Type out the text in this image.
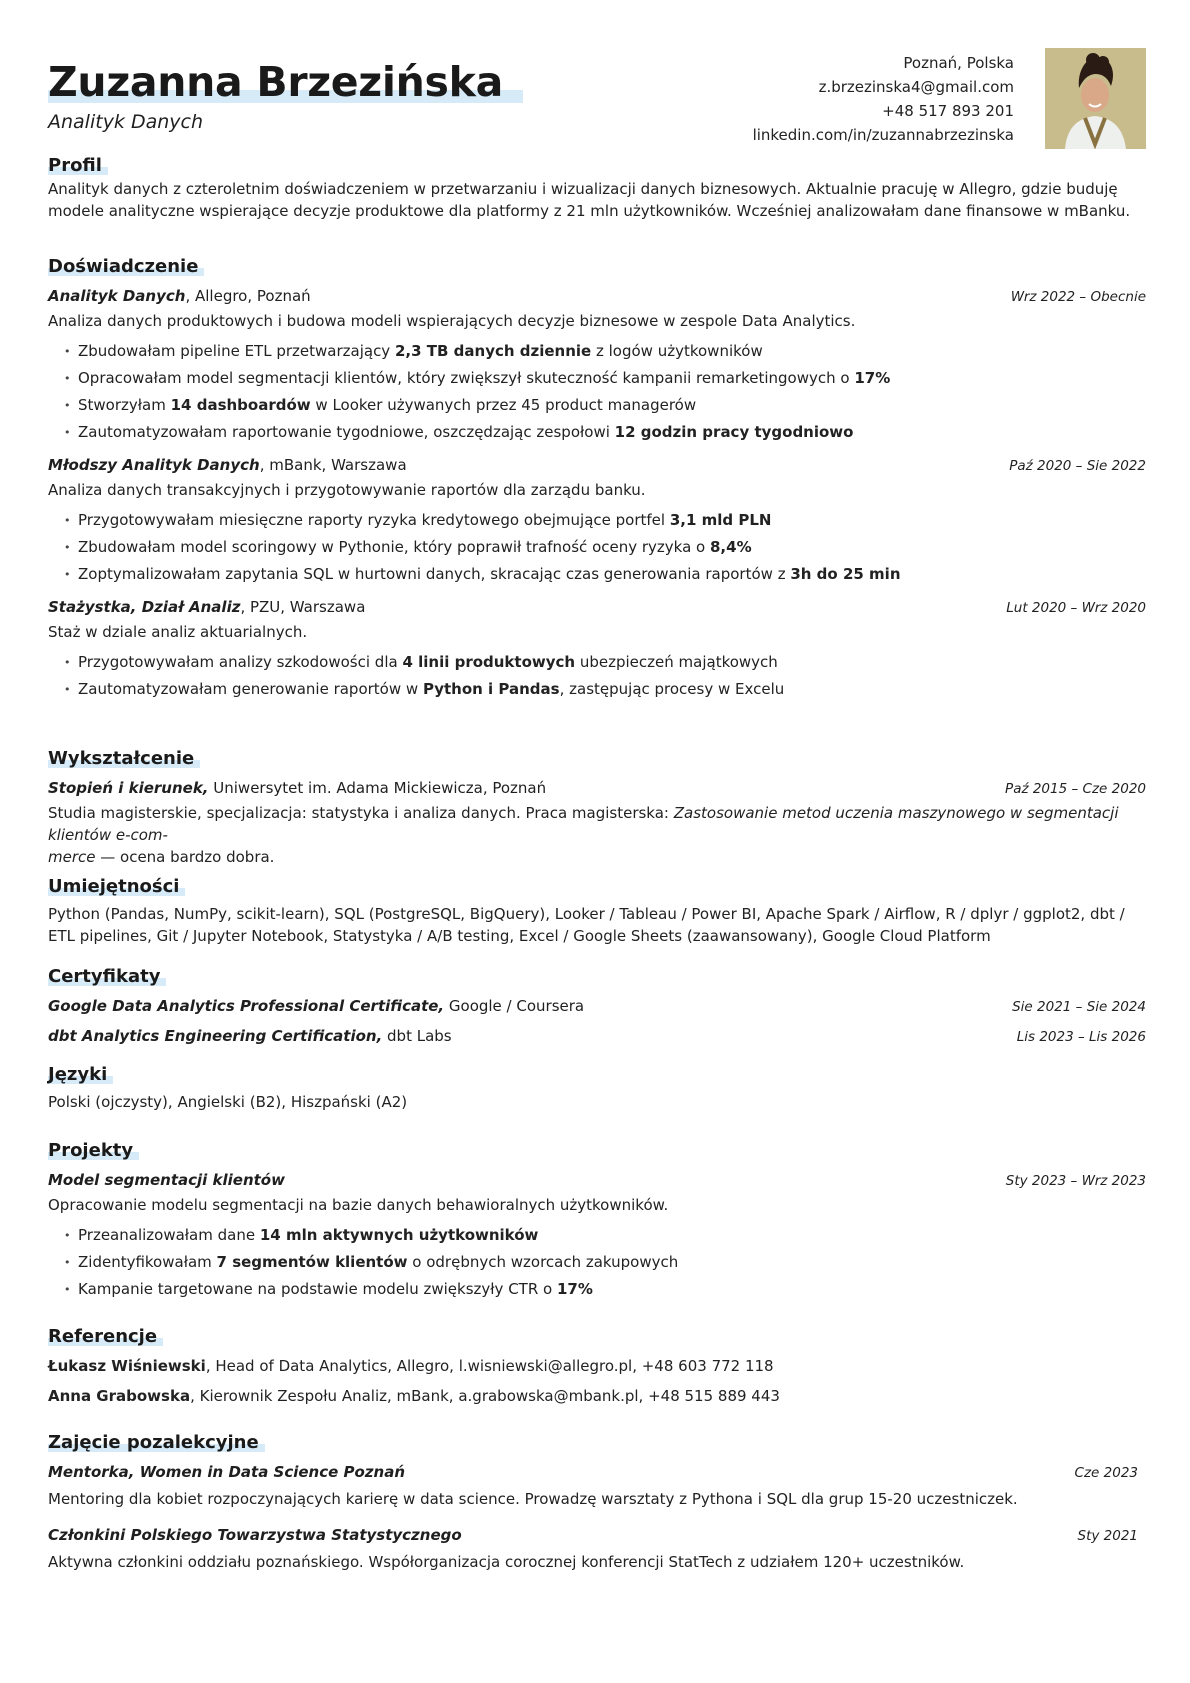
Zuzanna Brzezińska
Analityk Danych
Poznań, Polska
z.brzezinska4@gmail.com
+48 517 893 201
linkedin.com/in/zuzannabrzezinska
Profil
Analityk danych z czteroletnim doświadczeniem w przetwarzaniu i wizualizacji danych biznesowych. Aktualnie pracuję w Allegro, gdzie buduję modele analityczne wspierające decyzje produktowe dla platformy z 21 mln użytkowników. Wcześniej analizowałam dane finansowe w mBanku.
Doświadczenie
Analityk Danych, Allegro, Poznań	Wrz 2022 – Obecnie
Analiza danych produktowych i budowa modeli wspierających decyzje biznesowe w zespole Data Analytics.
• Zbudowałam pipeline ETL przetwarzający 2,3 TB danych dziennie z logów użytkowników
• Opracowałam model segmentacji klientów, który zwiększył skuteczność kampanii remarketingowych o 17%
• Stworzyłam 14 dashboardów w Looker używanych przez 45 product managerów
• Zautomatyzowałam raportowanie tygodniowe, oszczędzając zespołowi 12 godzin pracy tygodniowo
Młodszy Analityk Danych, mBank, Warszawa	Paź 2020 – Sie 2022
Analiza danych transakcyjnych i przygotowywanie raportów dla zarządu banku.
• Przygotowywałam miesięczne raporty ryzyka kredytowego obejmujące portfel 3,1 mld PLN
• Zbudowałam model scoringowy w Pythonie, który poprawił trafność oceny ryzyka o 8,4%
• Zoptymalizowałam zapytania SQL w hurtowni danych, skracając czas generowania raportów z 3h do 25 min
Stażystka, Dział Analiz, PZU, Warszawa	Lut 2020 – Wrz 2020
Staż w dziale analiz aktuarialnych.
• Przygotowywałam analizy szkodowości dla 4 linii produktowych ubezpieczeń majątkowych
• Zautomatyzowałam generowanie raportów w Python i Pandas, zastępując procesy w Excelu
Wykształcenie
Stopień i kierunek, Uniwersytet im. Adama Mickiewicza, Poznań	Paź 2015 – Cze 2020
Studia magisterskie, specjalizacja: statystyka i analiza danych. Praca magisterska: Zastosowanie metod uczenia maszynowego w segmentacji klientów e-com-
merce — ocena bardzo dobra.
Umiejętności
Python (Pandas, NumPy, scikit-learn), SQL (PostgreSQL, BigQuery), Looker / Tableau / Power BI, Apache Spark / Airflow, R / dplyr / ggplot2, dbt / ETL pipelines, Git / Jupyter Notebook, Statystyka / A/B testing, Excel / Google Sheets (zaawansowany), Google Cloud Platform
Certyfikaty
Google Data Analytics Professional Certificate, Google / Coursera	Sie 2021 – Sie 2024
dbt Analytics Engineering Certification, dbt Labs	Lis 2023 – Lis 2026
Języki
Polski (ojczysty), Angielski (B2), Hiszpański (A2)
Projekty
Model segmentacji klientów	Sty 2023 – Wrz 2023
Opracowanie modelu segmentacji na bazie danych behawioralnych użytkowników.
• Przeanalizowałam dane 14 mln aktywnych użytkowników
• Zidentyfikowałam 7 segmentów klientów o odrębnych wzorcach zakupowych
• Kampanie targetowane na podstawie modelu zwiększyły CTR o 17%
Referencje
Łukasz Wiśniewski, Head of Data Analytics, Allegro, l.wisniewski@allegro.pl, +48 603 772 118
Anna Grabowska, Kierownik Zespołu Analiz, mBank, a.grabowska@mbank.pl, +48 515 889 443
Zajęcie pozalekcyjne
Mentorka, Women in Data Science Poznań	Cze 2023
Mentoring dla kobiet rozpoczynających karierę w data science. Prowadzę warsztaty z Pythona i SQL dla grup 15-20 uczestniczek.
Członkini Polskiego Towarzystwa Statystycznego	Sty 2021
Aktywna członkini oddziału poznańskiego. Współorganizacja corocznej konferencji StatTech z udziałem 120+ uczestników.
